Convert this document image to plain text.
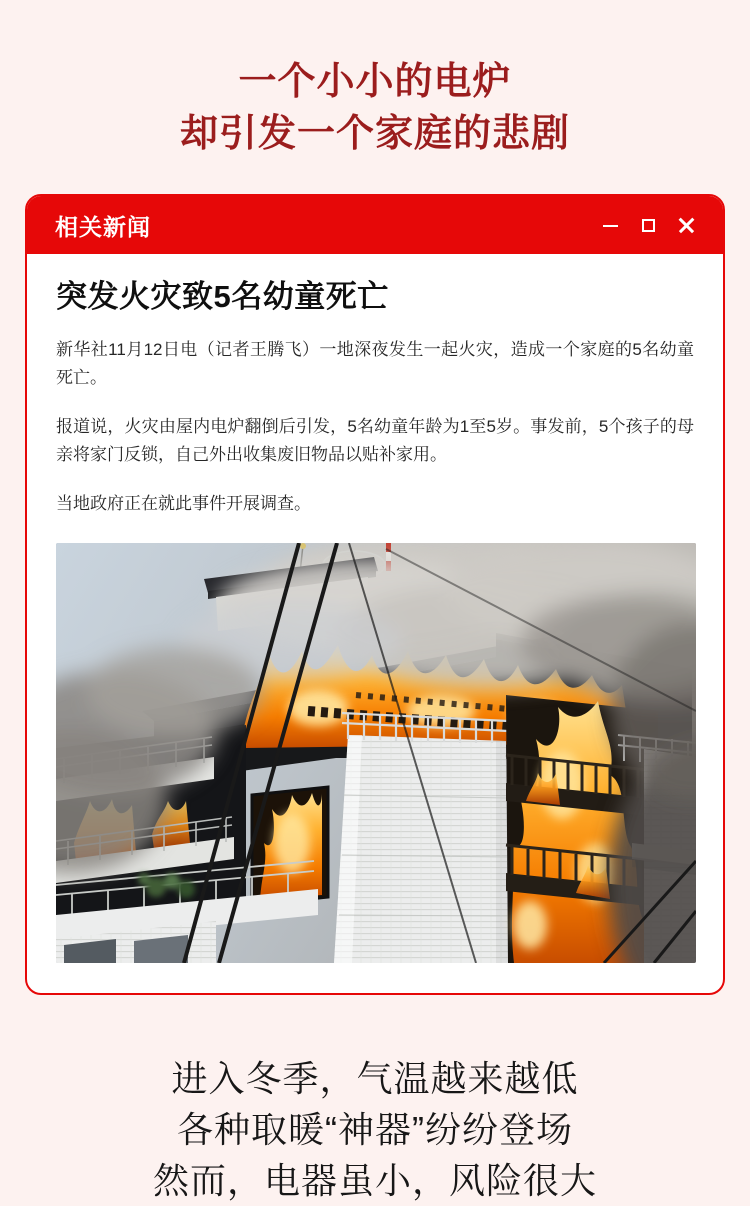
一个小小的电炉
却引发一个家庭的悲剧
相关新闻
突发火灾致5名幼童死亡

新华社11月12日电（记者王腾飞）一地深夜发生一起火灾，造成一个家庭的5名幼童死亡。

报道说，火灾由屋内电炉翻倒后引发，5名幼童年龄为1至5岁。事发前，5个孩子的母亲将家门反锁，自己外出收集废旧物品以贴补家用。

当地政府正在就此事件开展调查。

进入冬季，气温越来越低
各种取暖“神器”纷纷登场
然而，电器虽小，风险很大
